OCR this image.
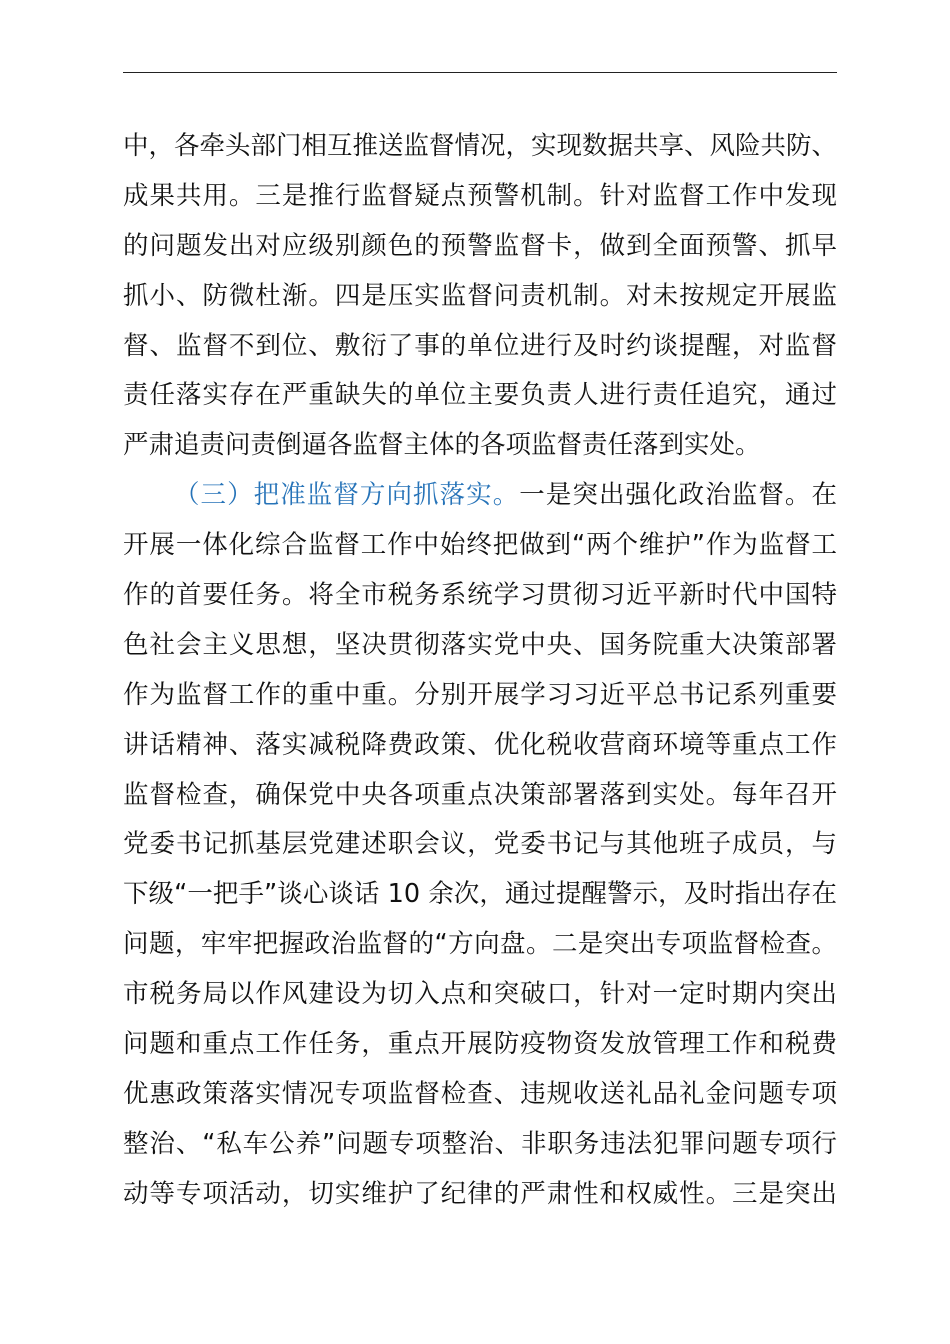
中，各牵头部门相互推送监督情况，实现数据共享、风险共防、
成果共用。三是推行监督疑点预警机制。针对监督工作中发现
的问题发出对应级别颜色的预警监督卡，做到全面预警、抓早
抓小、防微杜渐。四是压实监督问责机制。对未按规定开展监
督、监督不到位、敷衍了事的单位进行及时约谈提醒，对监督
责任落实存在严重缺失的单位主要负责人进行责任追究，通过
严肃追责问责倒逼各监督主体的各项监督责任落到实处。
（三）把准监督方向抓落实。一是突出强化政治监督。在
开展一体化综合监督工作中始终把做到“两个维护”作为监督工
作的首要任务。将全市税务系统学习贯彻习近平新时代中国特
色社会主义思想，坚决贯彻落实党中央、国务院重大决策部署
作为监督工作的重中重。分别开展学习习近平总书记系列重要
讲话精神、落实减税降费政策、优化税收营商环境等重点工作
监督检查，确保党中央各项重点决策部署落到实处。每年召开
党委书记抓基层党建述职会议，党委书记与其他班子成员，与
下级“一把手”谈心谈话 10 余次，通过提醒警示，及时指出存在
问题，牢牢把握政治监督的“方向盘。二是突出专项监督检查。
市税务局以作风建设为切入点和突破口，针对一定时期内突出
问题和重点工作任务，重点开展防疫物资发放管理工作和税费
优惠政策落实情况专项监督检查、违规收送礼品礼金问题专项
整治、“私车公养”问题专项整治、非职务违法犯罪问题专项行
动等专项活动，切实维护了纪律的严肃性和权威性。三是突出
